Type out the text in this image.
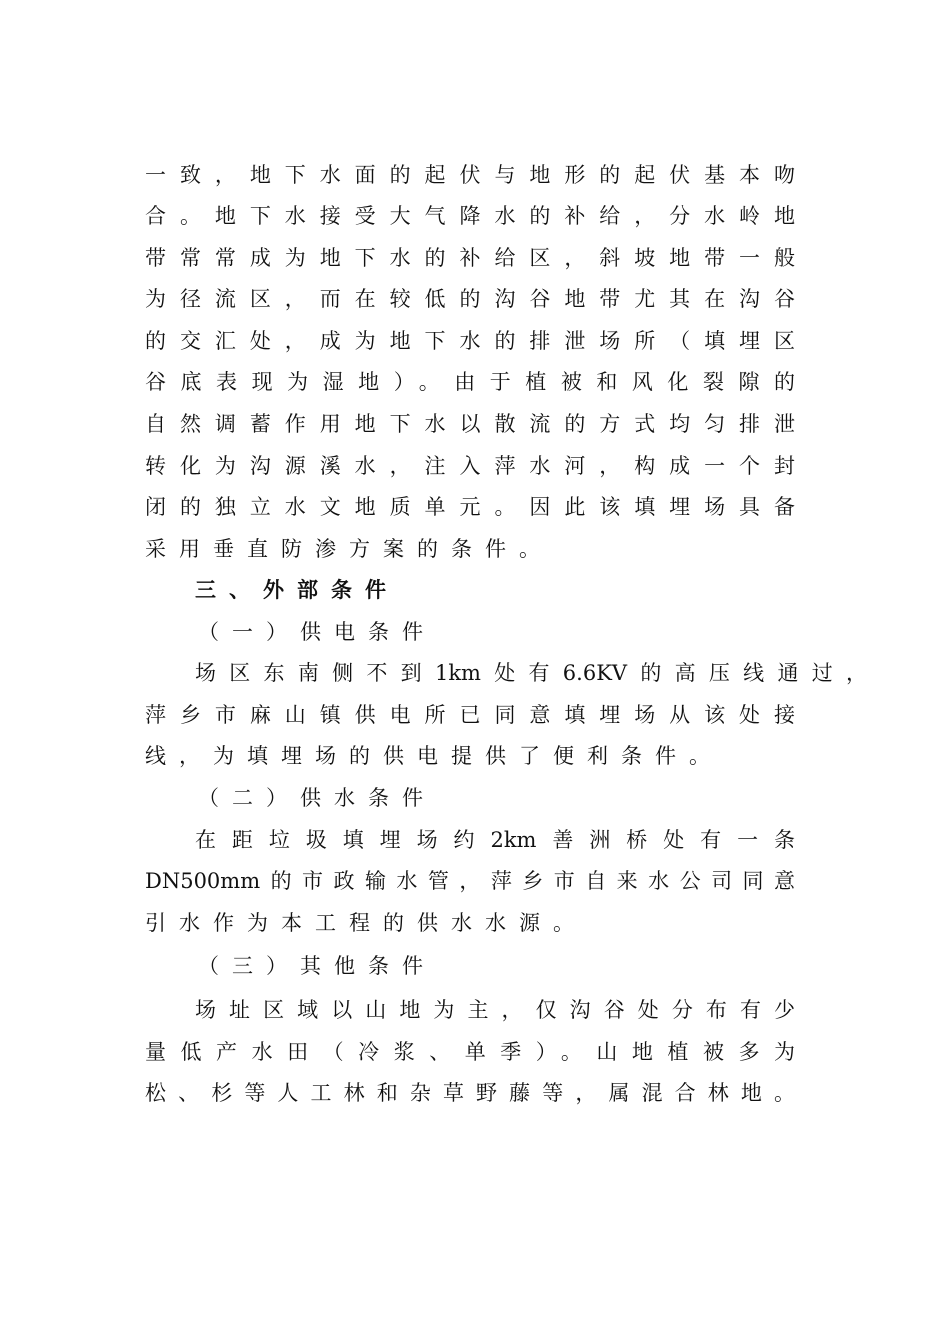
一致，地下水面的起伏与地形的起伏基本吻
合。地下水接受大气降水的补给，分水岭地
带常常成为地下水的补给区，斜坡地带一般
为径流区，而在较低的沟谷地带尤其在沟谷
的交汇处，成为地下水的排泄场所（填埋区
谷底表现为湿地）。由于植被和风化裂隙的
自然调蓄作用地下水以散流的方式均匀排泄
转化为沟源溪水，注入萍水河，构成一个封
闭的独立水文地质单元。因此该填埋场具备
采用垂直防渗方案的条件。
三、外部条件
（一）供电条件
场区东南侧不到1km处有6.6KV的高压线通过，
萍乡市麻山镇供电所已同意填埋场从该处接
线，为填埋场的供电提供了便利条件。
（二）供水条件
在距垃圾填埋场约2km善洲桥处有一条
DN500mm的市政输水管，萍乡市自来水公司同意
引水作为本工程的供水水源。
（三）其他条件
场址区域以山地为主，仅沟谷处分布有少
量低产水田（冷浆、单季）。山地植被多为
松、杉等人工林和杂草野藤等，属混合林地。
